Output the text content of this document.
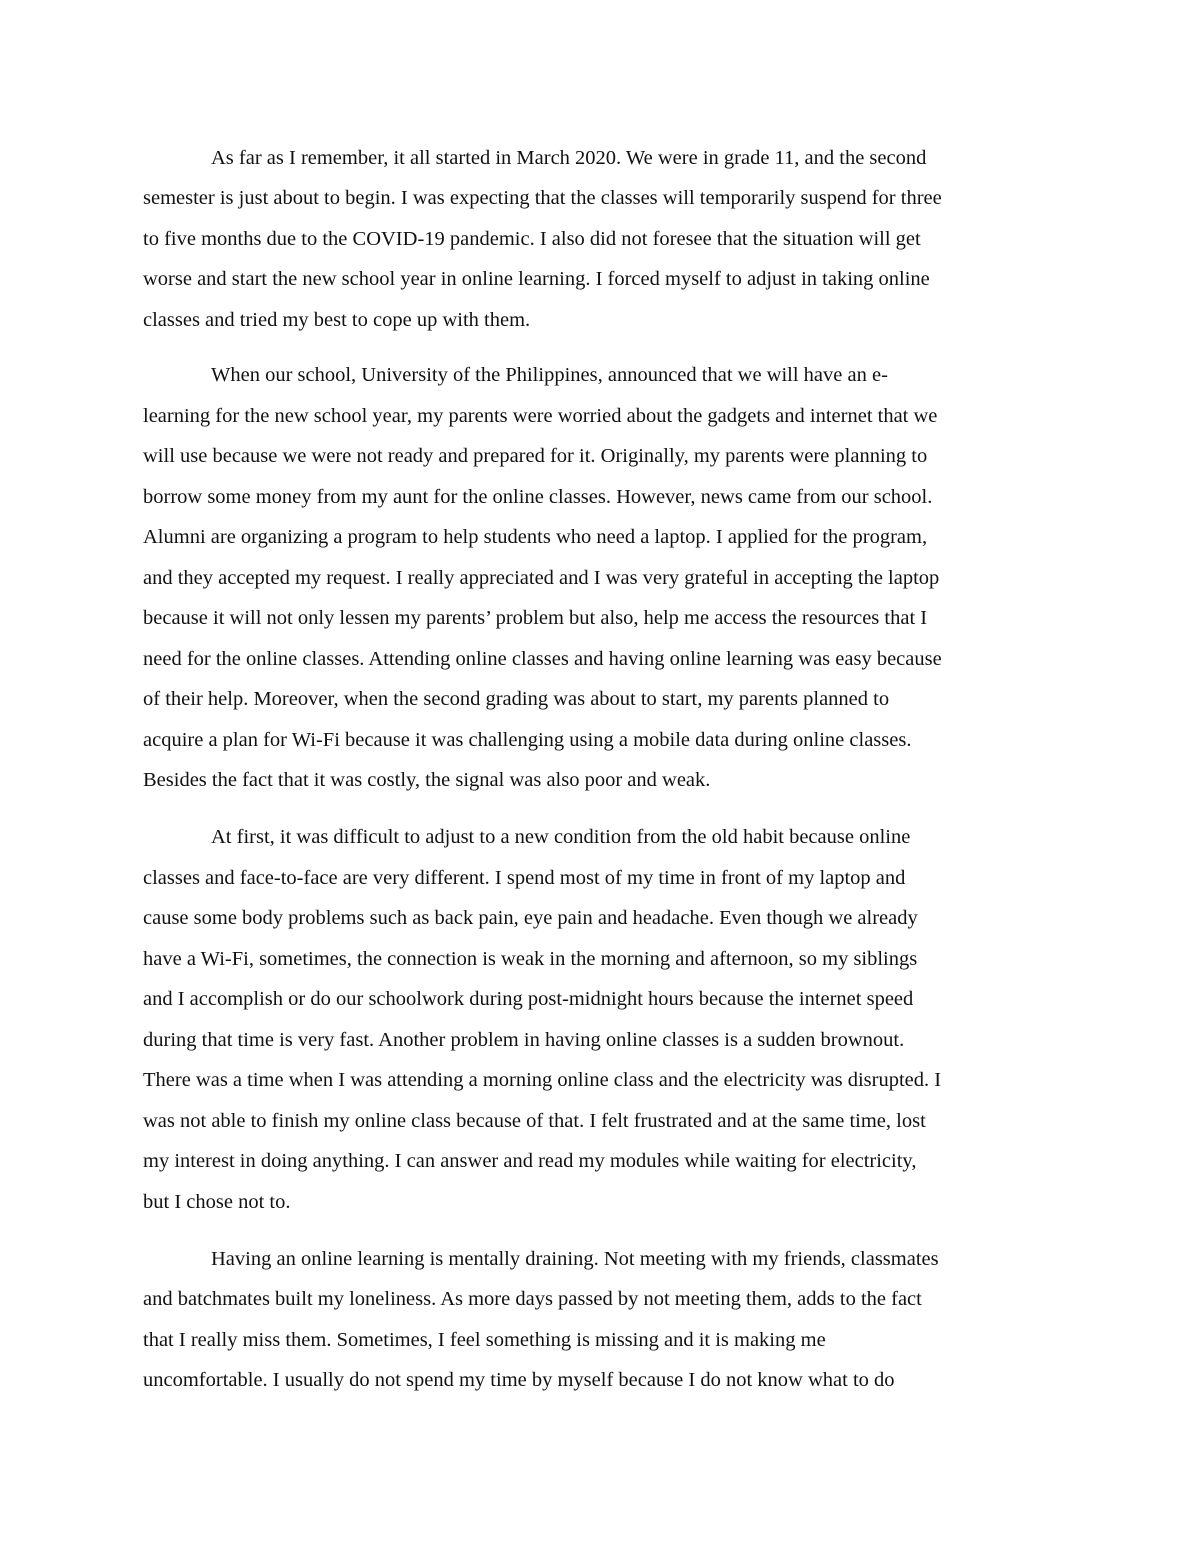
As far as I remember, it all started in March 2020. We were in grade 11, and the second

semester is just about to begin. I was expecting that the classes will temporarily suspend for three

to five months due to the COVID-19 pandemic. I also did not foresee that the situation will get

worse and start the new school year in online learning. I forced myself to adjust in taking online

classes and tried my best to cope up with them.

When our school, University of the Philippines, announced that we will have an e-

learning for the new school year, my parents were worried about the gadgets and internet that we

will use because we were not ready and prepared for it. Originally, my parents were planning to

borrow some money from my aunt for the online classes. However, news came from our school.

Alumni are organizing a program to help students who need a laptop. I applied for the program,

and they accepted my request. I really appreciated and I was very grateful in accepting the laptop

because it will not only lessen my parents’ problem but also, help me access the resources that I

need for the online classes. Attending online classes and having online learning was easy because

of their help. Moreover, when the second grading was about to start, my parents planned to

acquire a plan for Wi-Fi because it was challenging using a mobile data during online classes.

Besides the fact that it was costly, the signal was also poor and weak.

At first, it was difficult to adjust to a new condition from the old habit because online

classes and face-to-face are very different. I spend most of my time in front of my laptop and

cause some body problems such as back pain, eye pain and headache. Even though we already

have a Wi-Fi, sometimes, the connection is weak in the morning and afternoon, so my siblings

and I accomplish or do our schoolwork during post-midnight hours because the internet speed

during that time is very fast. Another problem in having online classes is a sudden brownout.

There was a time when I was attending a morning online class and the electricity was disrupted. I

was not able to finish my online class because of that. I felt frustrated and at the same time, lost

my interest in doing anything. I can answer and read my modules while waiting for electricity,

but I chose not to.

Having an online learning is mentally draining. Not meeting with my friends, classmates

and batchmates built my loneliness. As more days passed by not meeting them, adds to the fact

that I really miss them. Sometimes, I feel something is missing and it is making me

uncomfortable. I usually do not spend my time by myself because I do not know what to do
